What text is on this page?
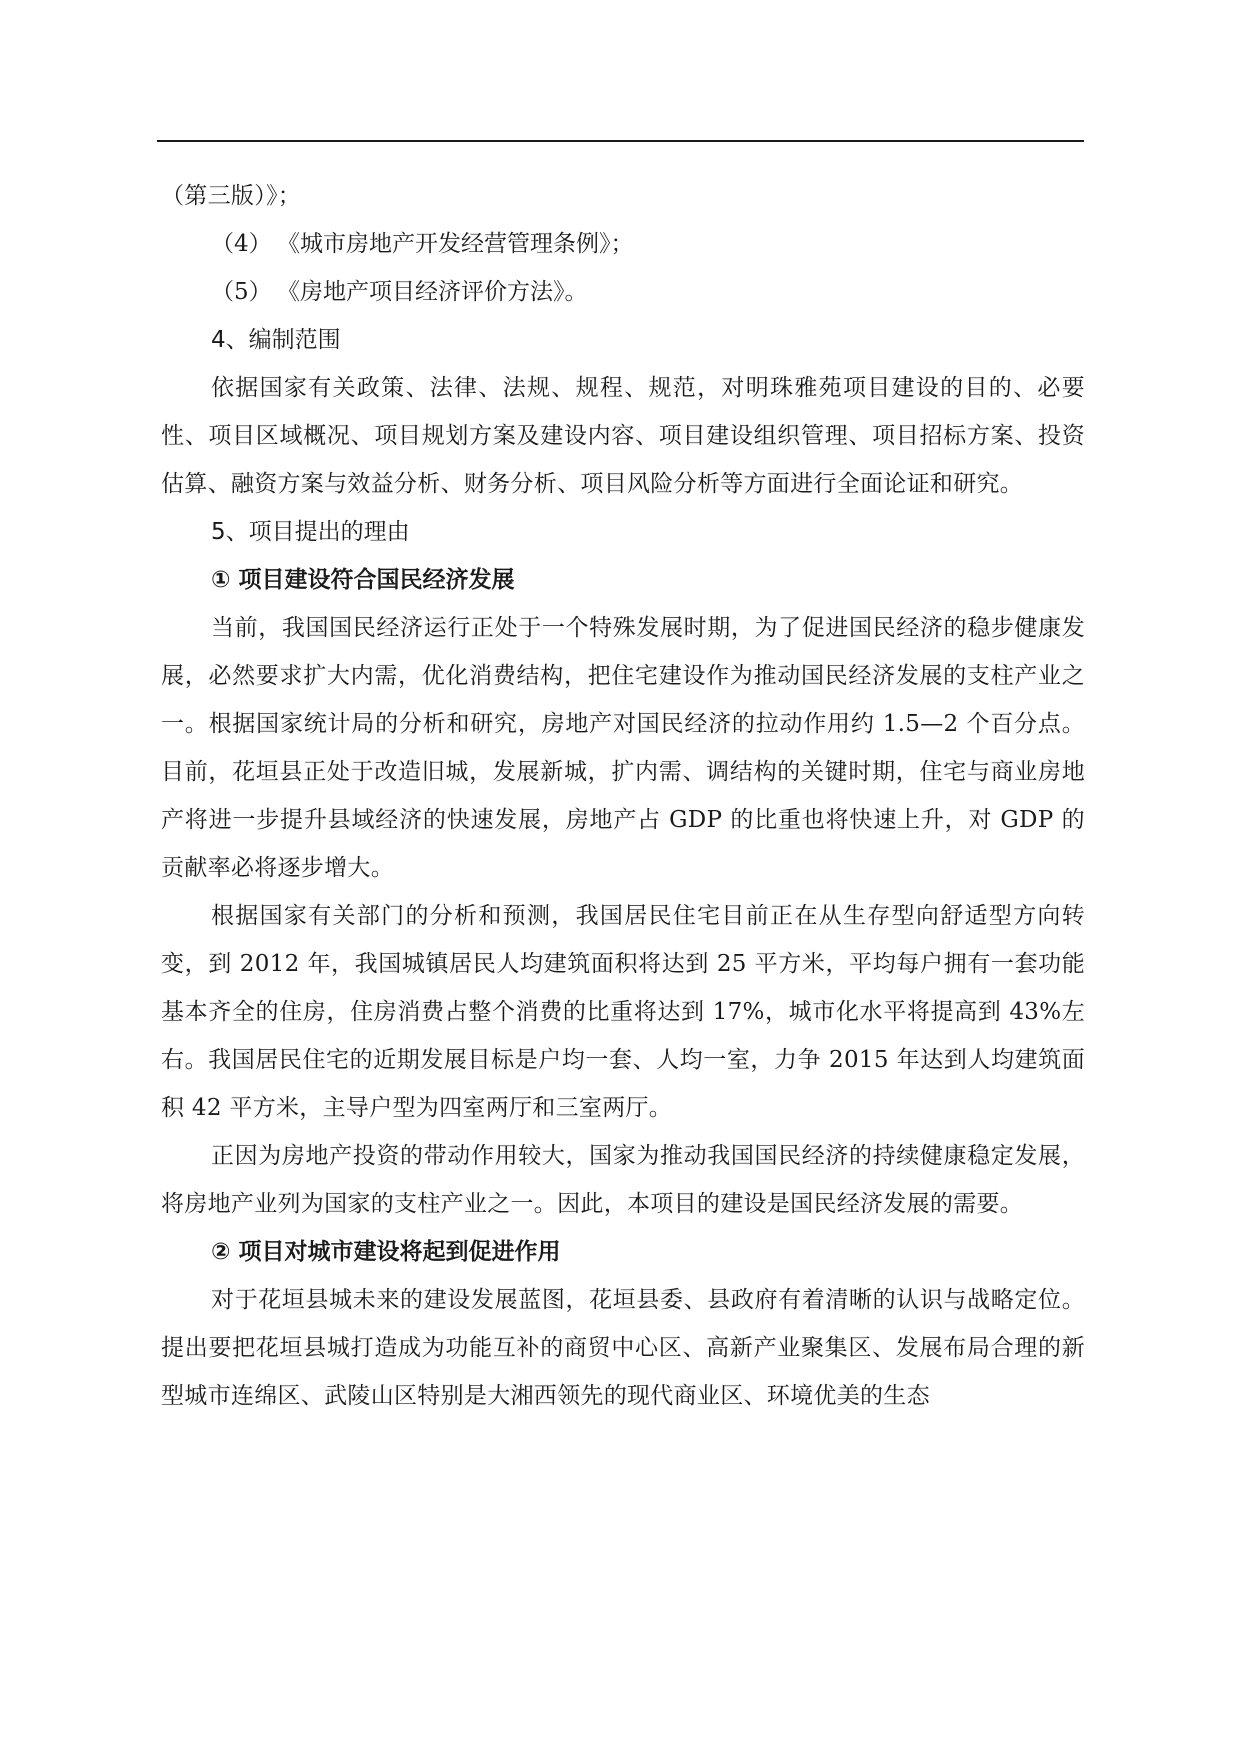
（第三版）》；

（4） 《城市房地产开发经营管理条例》；

（5） 《房地产项目经济评价方法》。

4、编制范围

依据国家有关政策、法律、法规、规程、规范，对明珠雅苑项目建设的目的、必要性、项目区域概况、项目规划方案及建设内容、项目建设组织管理、项目招标方案、投资估算、融资方案与效益分析、财务分析、项目风险分析等方面进行全面论证和研究。

5、项目提出的理由

① 项目建设符合国民经济发展

当前，我国国民经济运行正处于一个特殊发展时期，为了促进国民经济的稳步健康发展，必然要求扩大内需，优化消费结构，把住宅建设作为推动国民经济发展的支柱产业之一。根据国家统计局的分析和研究，房地产对国民经济的拉动作用约 1.5—2 个百分点。目前，花垣县正处于改造旧城，发展新城，扩内需、调结构的关键时期，住宅与商业房地产将进一步提升县域经济的快速发展，房地产占 GDP 的比重也将快速上升，对 GDP 的贡献率必将逐步增大。

根据国家有关部门的分析和预测，我国居民住宅目前正在从生存型向舒适型方向转变，到 2012 年，我国城镇居民人均建筑面积将达到 25 平方米，平均每户拥有一套功能基本齐全的住房，住房消费占整个消费的比重将达到 17%，城市化水平将提高到 43%左右。我国居民住宅的近期发展目标是户均一套、人均一室，力争 2015 年达到人均建筑面积 42 平方米，主导户型为四室两厅和三室两厅。

正因为房地产投资的带动作用较大，国家为推动我国国民经济的持续健康稳定发展，将房地产业列为国家的支柱产业之一。因此，本项目的建设是国民经济发展的需要。

② 项目对城市建设将起到促进作用

对于花垣县城未来的建设发展蓝图，花垣县委、县政府有着清晰的认识与战略定位。提出要把花垣县城打造成为功能互补的商贸中心区、高新产业聚集区、发展布局合理的新型城市连绵区、武陵山区特别是大湘西领先的现代商业区、环境优美的生态
